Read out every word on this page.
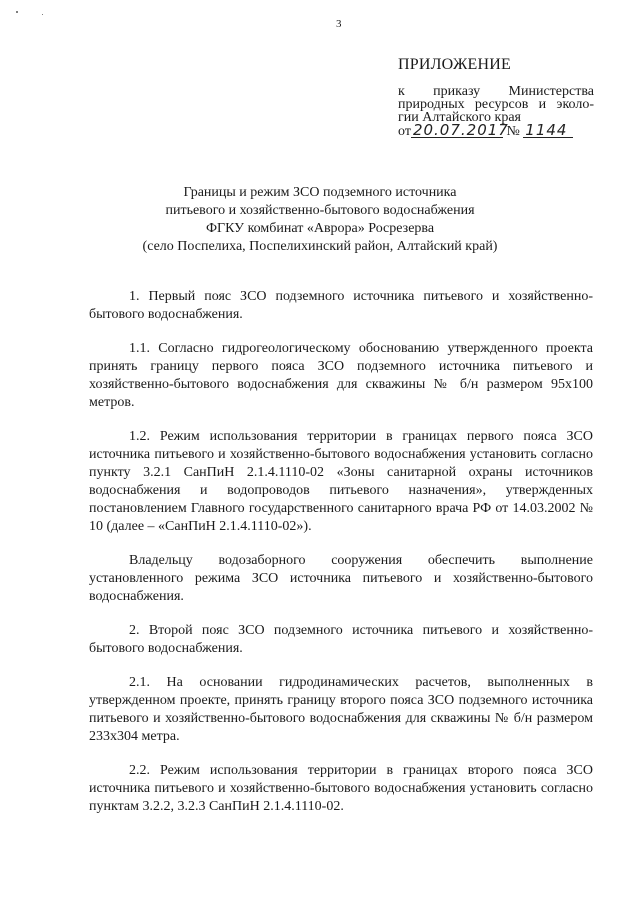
3
ПРИЛОЖЕНИЕ
к приказу Министерства
природных ресурсов и эколо-
гии Алтайского края
от 20.07.2017 № 1144
Границы и режим ЗСО подземного источника
питьевого и хозяйственно-бытового водоснабжения
ФГКУ комбинат «Аврора» Росрезерва
(село Поспелиха, Поспелихинский район, Алтайский край)

1. Первый пояс ЗСО подземного источника питьевого и хозяйственно-бытового водоснабжения.

1.1. Согласно гидрогеологическому обоснованию утвержденного проекта принять границу первого пояса ЗСО подземного источника питьевого и хозяйственно-бытового водоснабжения для скважины № б/н размером 95х100 метров.

1.2. Режим использования территории в границах первого пояса ЗСО источника питьевого и хозяйственно-бытового водоснабжения установить согласно пункту 3.2.1 СанПиН 2.1.4.1110-02 «Зоны санитарной охраны источников водоснабжения и водопроводов питьевого назначения», утвержденных постановлением Главного государственного санитарного врача РФ от 14.03.2002 № 10 (далее – «СанПиН 2.1.4.1110-02»).

Владельцу водозаборного сооружения обеспечить выполнение установленного режима ЗСО источника питьевого и хозяйственно-бытового водоснабжения.

2. Второй пояс ЗСО подземного источника питьевого и хозяйственно-бытового водоснабжения.

2.1. На основании гидродинамических расчетов, выполненных в утвержденном проекте, принять границу второго пояса ЗСО подземного источника питьевого и хозяйственно-бытового водоснабжения для скважины № б/н размером 233х304 метра.

2.2. Режим использования территории в границах второго пояса ЗСО источника питьевого и хозяйственно-бытового водоснабжения установить согласно пунктам 3.2.2, 3.2.3 СанПиН 2.1.4.1110-02.
